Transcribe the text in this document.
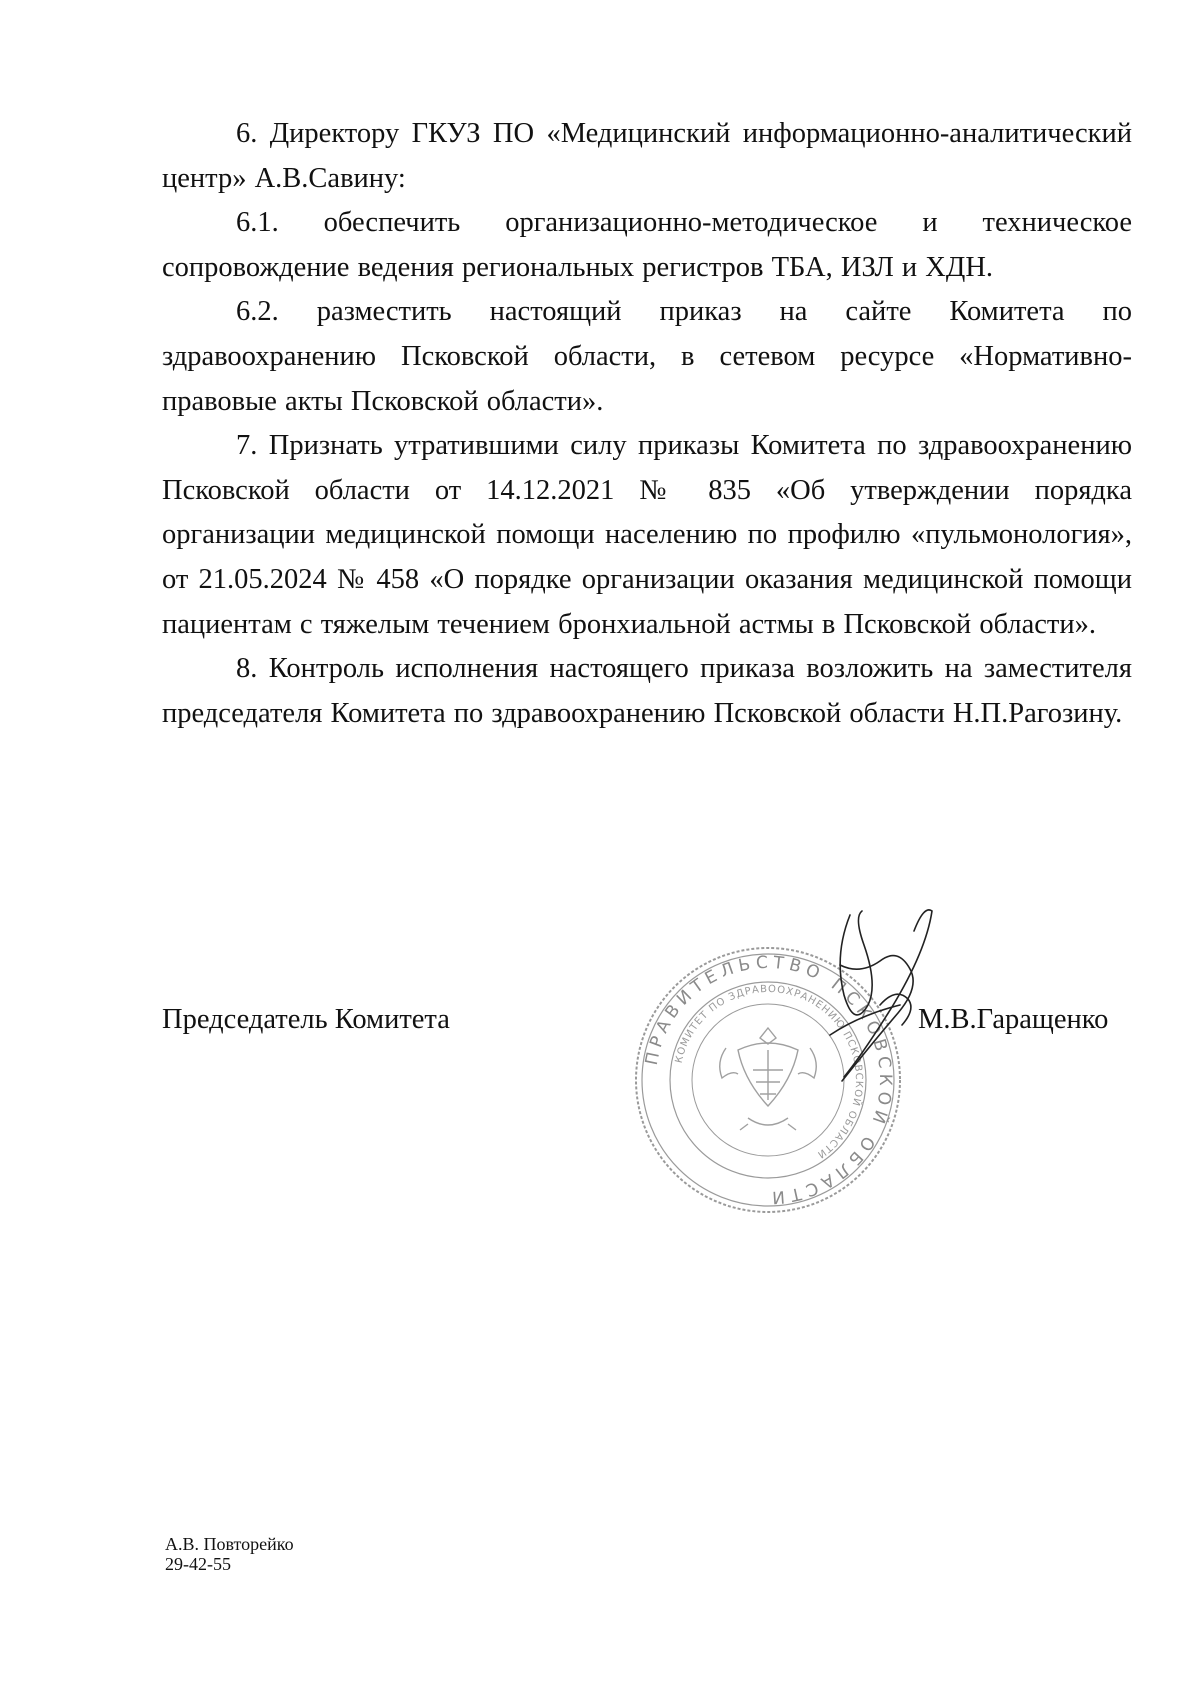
6. Директору ГКУЗ ПО «Медицинский информационно-аналитический центр» А.В.Савину:

6.1. обеспечить организационно-методическое и техническое сопровождение ведения региональных регистров ТБА, ИЗЛ и ХДН.

6.2. разместить настоящий приказ на сайте Комитета по здравоохранению Псковской области, в сетевом ресурсе «Нормативно-правовые акты Псковской области».

7. Признать утратившими силу приказы Комитета по здравоохранению Псковской области от 14.12.2021 № 835 «Об утверждении порядка организации медицинской помощи населению по профилю «пульмонология», от 21.05.2024 № 458 «О порядке организации оказания медицинской помощи пациентам с тяжелым течением бронхиальной астмы в Псковской области».

8. Контроль исполнения настоящего приказа возложить на заместителя председателя Комитета по здравоохранению Псковской области Н.П.Рагозину.

ПРАВИТЕЛЬСТВО ПСКОВСКОЙ ОБЛАСТИ
КОМИТЕТ ПО ЗДРАВООХРАНЕНИЮ ПСКОВСКОЙ ОБЛАСТИ
Председатель Комитета	М.В.Гаращенко
А.В. Повторейко
29-42-55
